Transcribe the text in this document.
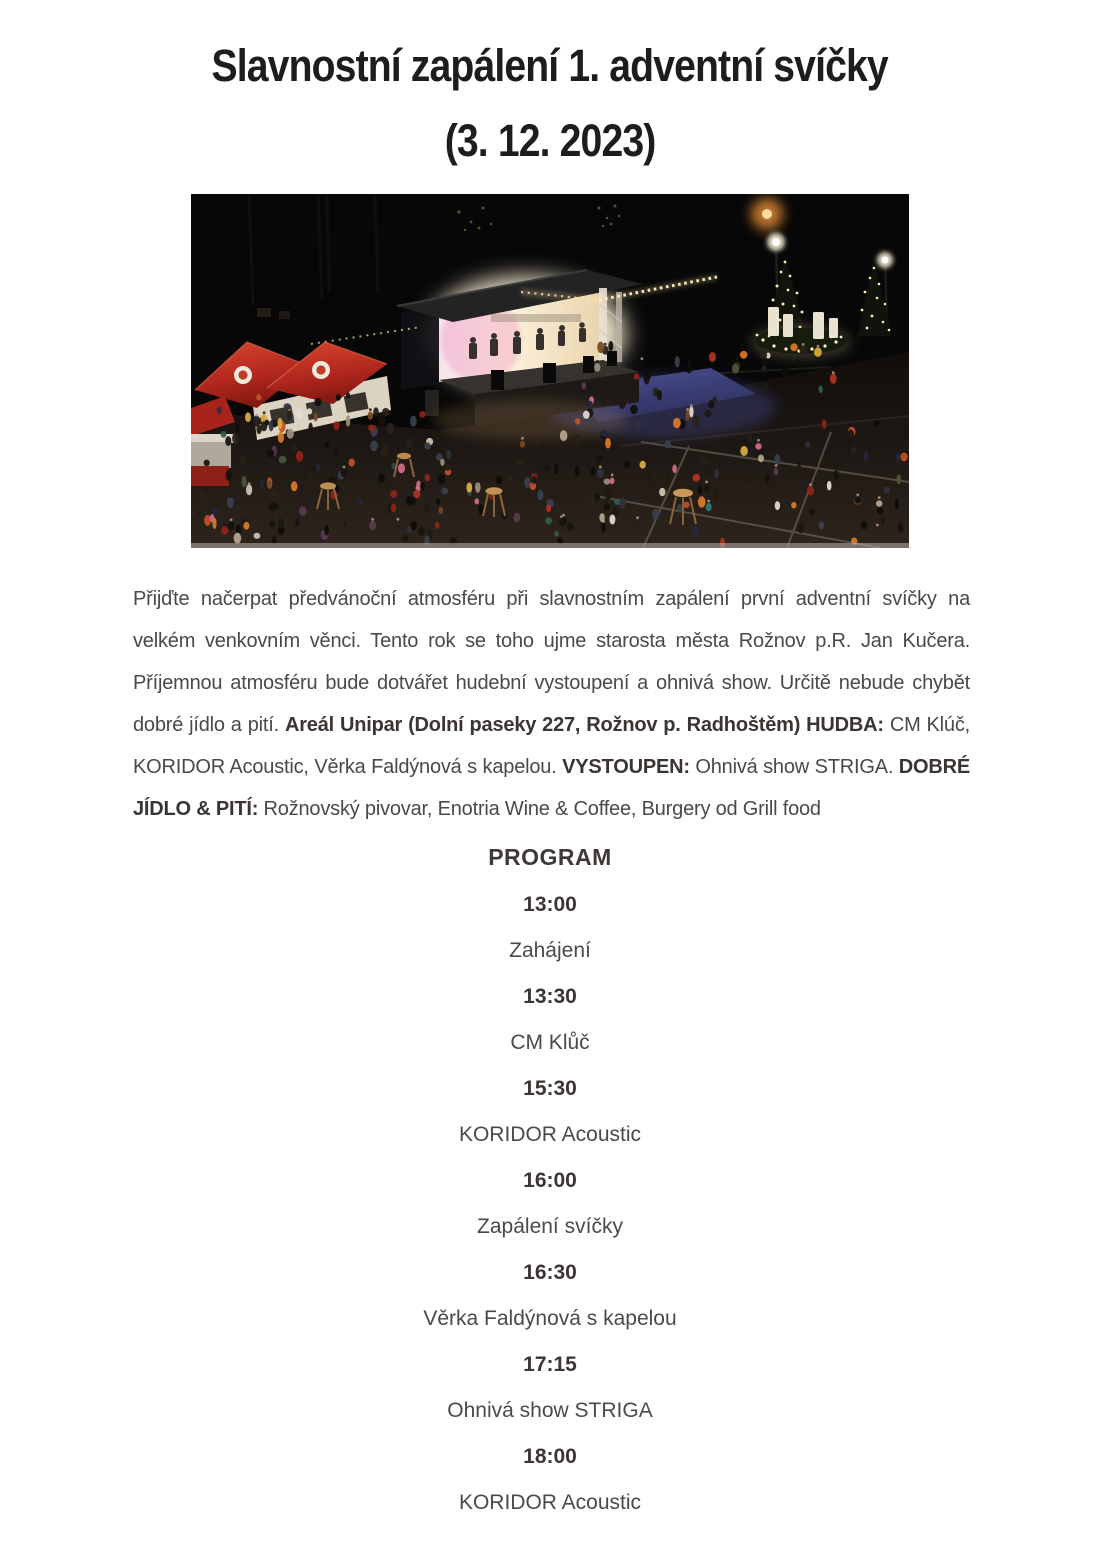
Slavnostní zapálení 1. adventní svíčky
(3. 12. 2023)

Přijďte načerpat předvánoční atmosféru při slavnostním zapálení první adventní svíčky na velkém venkovním věnci. Tento rok se toho ujme starosta města Rožnov p.R. Jan Kučera. Příjemnou atmosféru bude dotvářet hudební vystoupení a ohnivá show. Určitě nebude chybět dobré jídlo a pití. Areál Unipar (Dolní paseky 227, Rožnov p. Radhoštěm) HUDBA: CM Klúč, KORIDOR Acoustic, Věrka Faldýnová s kapelou. VYSTOUPEN: Ohnivá show STRIGA. DOBRÉ JÍDLO & PITÍ: Rožnovský pivovar, Enotria Wine & Coffee, Burgery od Grill food

PROGRAM
13:00
Zahájení
13:30
CM Klůč
15:30
KORIDOR Acoustic
16:00
Zapálení svíčky
16:30
Věrka Faldýnová s kapelou
17:15
Ohnivá show STRIGA
18:00
KORIDOR Acoustic
